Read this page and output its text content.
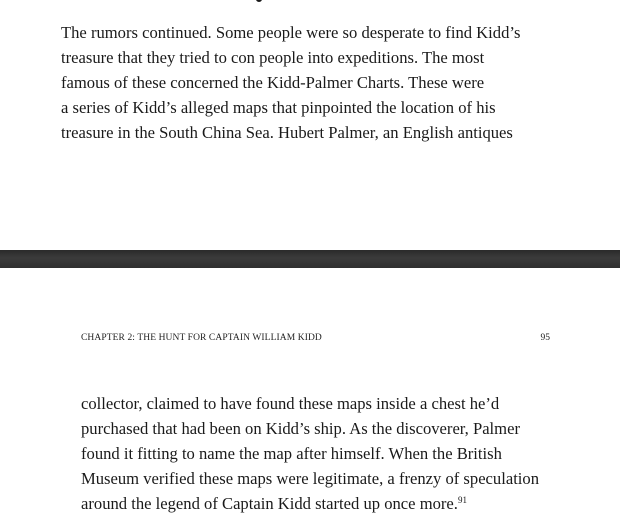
The rumors continued. Some people were so desperate to find Kidd’s
treasure that they tried to con people into expeditions. The most
famous of these concerned the Kidd-Palmer Charts. These were
a series of Kidd’s alleged maps that pinpointed the location of his
treasure in the South China Sea. Hubert Palmer, an English antiques

CHAPTER 2: THE HUNT FOR CAPTAIN WILLIAM KIDD	95

collector, claimed to have found these maps inside a chest he’d
purchased that had been on Kidd’s ship. As the discoverer, Palmer
found it fitting to name the map after himself. When the British
Museum verified these maps were legitimate, a frenzy of speculation
around the legend of Captain Kidd started up once more.$^{91}$
